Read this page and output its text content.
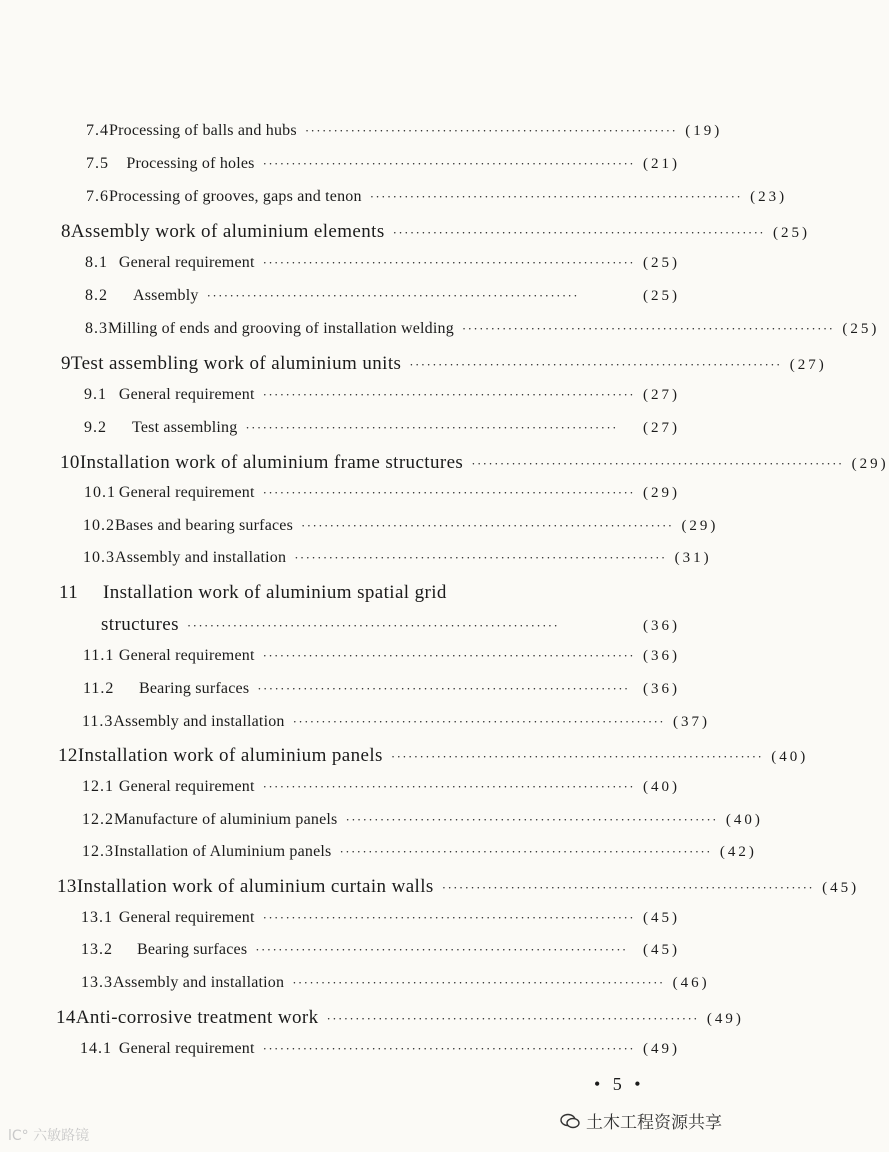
7.4 Processing of balls and hubs ································································· (19)
7.5	Processing of holes ································································· (21)
7.6 Processing of grooves, gaps and tenon ································································· (23)
8 Assembly work of aluminium elements ································································· (25)
8.1 General requirement ································································· (25)
8.2	Assembly ·································································	(25)
8.3 Milling of ends and grooving of installation welding ································································· (25)
9 Test assembling work of aluminium units ································································· (27)
9.1 General requirement ································································· (27)
9.2	Test assembling ·································································	(27)
10 Installation work of aluminium frame structures ································································· (29)
10.1 General requirement ································································· (29)
10.2 Bases and bearing surfaces ································································· (29)
10.3 Assembly and installation ································································· (31)
11	Installation work of aluminium spatial grid
structures ·································································	(36)
11.1 General requirement ································································· (36)
11.2	Bearing surfaces ································································· (36)
11.3 Assembly and installation ································································· (37)
12 Installation work of aluminium panels ································································· (40)
12.1 General requirement ································································· (40)
12.2 Manufacture of aluminium panels ································································· (40)
12.3 Installation of Aluminium panels ································································· (42)
13 Installation work of aluminium curtain walls ································································· (45)
13.1 General requirement ································································· (45)
13.2	Bearing surfaces ·································································	(45)
13.3 Assembly and installation ································································· (46)
14 Anti-corrosive treatment work ································································· (49)
14.1 General requirement ································································· (49)
• 5 •
lC° 六敏路镜
土木工程资源共享
